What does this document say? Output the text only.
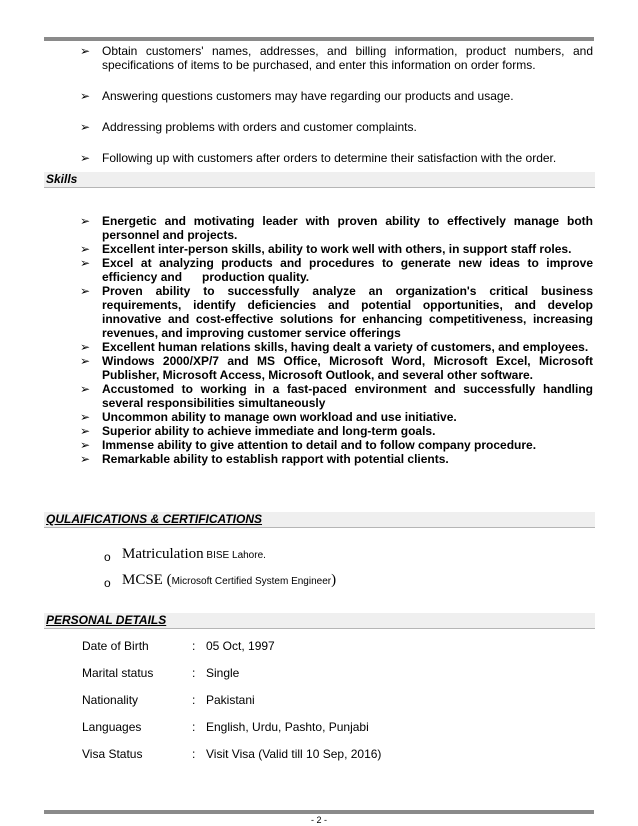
➢ Obtain customers' names, addresses, and billing information, product numbers, and specifications of items to be purchased, and enter this information on order forms.
➢ Answering questions customers may have regarding our products and usage.
➢ Addressing problems with orders and customer complaints.
➢ Following up with customers after orders to determine their satisfaction with the order.
Skills
➢ Energetic and motivating leader with proven ability to effectively manage both personnel and projects.
➢ Excellent inter-person skills, ability to work well with others, in support staff roles.
➢ Excel at analyzing products and procedures to generate new ideas to improve efficiency and      production quality.
➢ Proven ability to successfully analyze an organization's critical business requirements, identify deficiencies and potential opportunities, and develop innovative and cost-effective solutions for enhancing competitiveness, increasing revenues, and improving customer service offerings
➢ Excellent human relations skills, having dealt a variety of customers, and employees.
➢ Windows 2000/XP/7 and MS Office, Microsoft Word, Microsoft Excel, Microsoft Publisher, Microsoft Access, Microsoft Outlook, and several other software.
➢ Accustomed to working in a fast-paced environment and successfully handling several responsibilities simultaneously
➢ Uncommon ability to manage own workload and use initiative.
➢ Superior ability to achieve immediate and long-term goals.
➢ Immense ability to give attention to detail and to follow company procedure.
➢ Remarkable ability to establish rapport with potential clients.
QULAIFICATIONS & CERTIFICATIONS
o Matriculation BISE Lahore.
o MCSE (Microsoft Certified System Engineer)
PERSONAL DETAILS
Date of Birth	: 05 Oct, 1997
Marital status	: Single
Nationality	: Pakistani
Languages	: English, Urdu, Pashto, Punjabi
Visa Status	: Visit Visa (Valid till 10 Sep, 2016)
- 2 -
